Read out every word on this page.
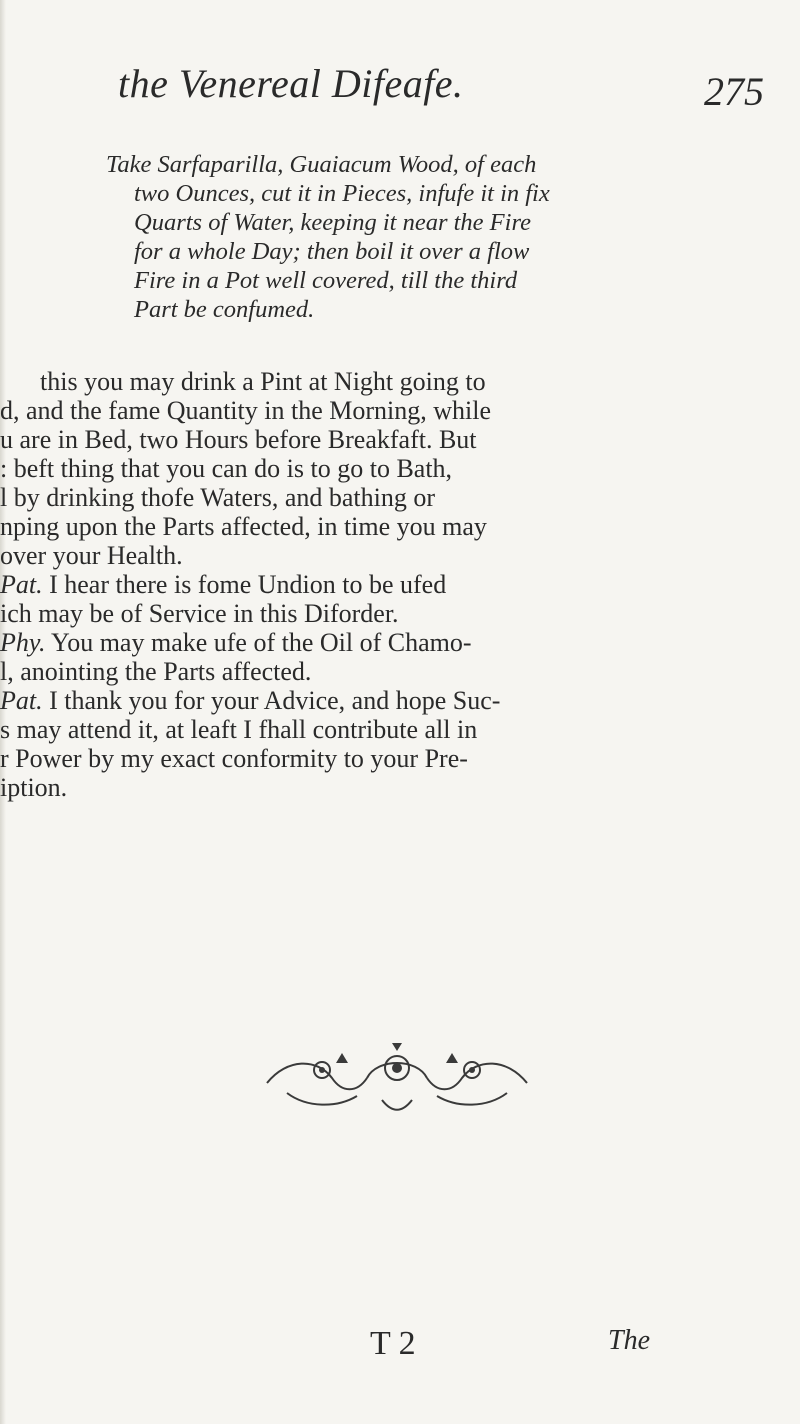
the Venereal Difeafe.	275
Take Sarfaparilla, Guaiacum Wood, of each
two Ounces, cut it in Pieces, infufe it in fix
Quarts of Water, keeping it near the Fire
for a whole Day; then boil it over a flow
Fire in a Pot well covered, till the third
Part be confumed.
this you may drink a Pint at Night going to
d, and the fame Quantity in the Morning, while
u are in Bed, two Hours before Breakfaft. But
: beft thing that you can do is to go to Bath,
l by drinking thofe Waters, and bathing or
nping upon the Parts affected, in time you may
over your Health.
Pat. I hear there is fome Undion to be ufed
ich may be of Service in this Diforder.
Phy. You may make ufe of the Oil of Chamo-
l, anointing the Parts affected.
Pat. I thank you for your Advice, and hope Suc-
s may attend it, at leaft I fhall contribute all in
r Power by my exact conformity to your Pre-
iption.
T 2	The
